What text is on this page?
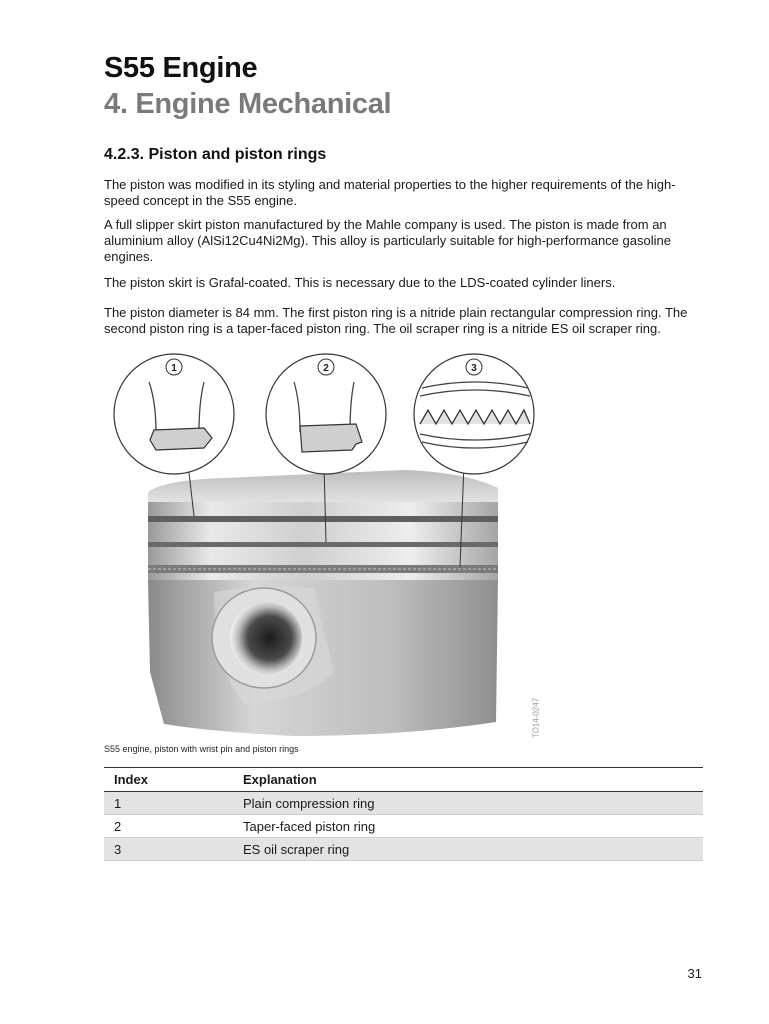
S55 Engine
4. Engine Mechanical
4.2.3. Piston and piston rings

The piston was modified in its styling and material properties to the higher requirements of the high-speed concept in the S55 engine.

A full slipper skirt piston manufactured by the Mahle company is used. The piston is made from an aluminium alloy (AlSi12Cu4Ni2Mg). This alloy is particularly suitable for high-performance gasoline engines.

The piston skirt is Grafal-coated. This is necessary due to the LDS-coated cylinder liners.

The piston diameter is 84 mm. The first piston ring is a nitride plain rectangular compression ring. The second piston ring is a taper-faced piston ring. The oil scraper ring is a nitride ES oil scraper ring.

1	2	3
TO14-0247
S55 engine, piston with wrist pin and piston rings
Index	Explanation
1	Plain compression ring
2	Taper-faced piston ring
3	ES oil scraper ring
31
